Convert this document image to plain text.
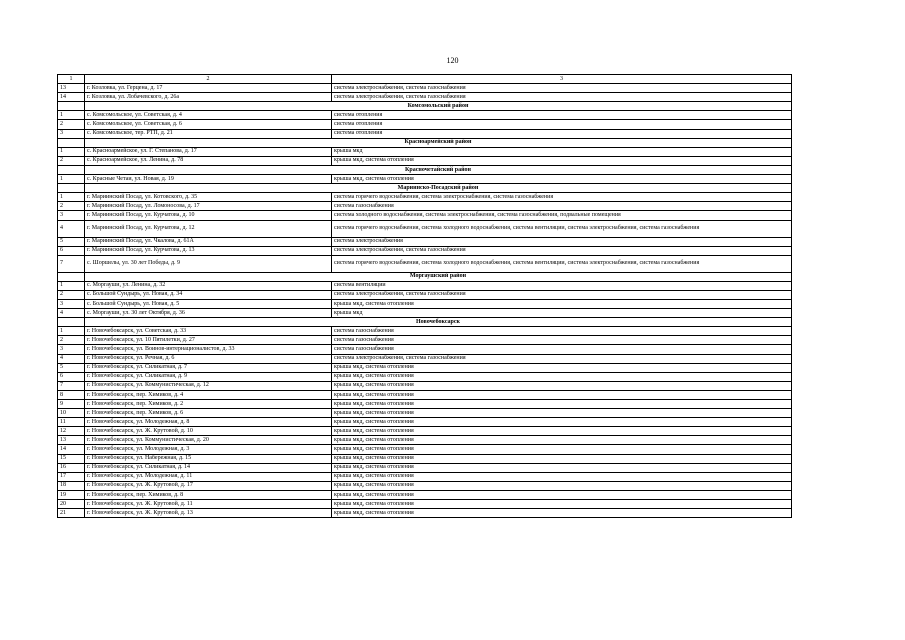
120
1	2	3
13	г. Козловка, ул. Герцена, д. 17	система электроснабжения, система газоснабжения
14	г. Козловка, ул. Лобачевского, д. 26а	система электроснабжения, система газоснабжения
	Комсомольский район	
1	с. Комсомольское, ул. Советская, д. 4	система отопления
2	с. Комсомольское, ул. Советская, д. 6	система отопления
3	с. Комсомольское, тер. РТП, д. 21	система отопления
	Красноармейский район	
1	с. Красноармейское, ул. Г. Степанова, д. 17	крыша мкд
2	с. Красноармейское, ул. Ленина, д. 78	крыша мкд, система отопления
	Красночетайский район	
1	с. Красные Четаи, ул. Новая, д. 19	крыша мкд, система отопления
	Мариинско-Посадский район	
1	г. Мариинский Посад, ул. Котовского, д. 35	система горячего водоснабжения, система электроснабжения, система газоснабжения
2	г. Мариинский Посад, ул. Ломоносова, д. 17	система газоснабжения
3	г. Мариинский Посад, ул. Курчатова, д. 10	система холодного водоснабжения, система электроснабжения, система газоснабжения, подвальные помещения
4	г. Мариинский Посад, ул. Курчатова, д. 12	система горячего водоснабжения, система холодного водоснабжения, система вентиляции, система электроснабжения, система газоснабжения
5	г. Мариинский Посад, ул. Чкалова, д. 61А	система электроснабжения
6	г. Мариинский Посад, ул. Курчатова, д. 13	система электроснабжения, система газоснабжения
7	с. Шоршелы, ул. 30 лет Победы, д. 9	система горячего водоснабжения, система холодного водоснабжения, система вентиляции, система электроснабжения, система газоснабжения
	Моргаушский район	
1	с. Моргауши, ул. Ленина, д. 32	система вентиляции
2	с. Большой Сундырь, ул. Новая, д. 34	система электроснабжения, система газоснабжения
3	с. Большой Сундырь, ул. Новая, д. 5	крыша мкд, система отопления
4	с. Моргауши, ул. 30 лет Октября, д. 36	крыша мкд
	Новочебоксарск	
1	г. Новочебоксарск, ул. Советская, д. 33	система газоснабжения
2	г. Новочебоксарск, ул. 10 Пятилетки, д. 27	система газоснабжения
3	г. Новочебоксарск, ул. Воинов-интернационалистов, д. 33	система газоснабжения
4	г. Новочебоксарск, ул. Речная, д. 6	система электроснабжения, система газоснабжения
5	г. Новочебоксарск, ул. Силикатная, д. 7	крыша мкд, система отопления
6	г. Новочебоксарск, ул. Силикатная, д. 9	крыша мкд, система отопления
7	г. Новочебоксарск, ул. Коммунистическая, д. 12	крыша мкд, система отопления
8	г. Новочебоксарск, пер. Химиков, д. 4	крыша мкд, система отопления
9	г. Новочебоксарск, пер. Химиков, д. 2	крыша мкд, система отопления
10	г. Новочебоксарск, пер. Химиков, д. 6	крыша мкд, система отопления
11	г. Новочебоксарск, ул. Молодежная, д. 8	крыша мкд, система отопления
12	г. Новочебоксарск, ул. Ж. Крутовой, д. 10	крыша мкд, система отопления
13	г. Новочебоксарск, ул. Коммунистическая, д. 20	крыша мкд, система отопления
14	г. Новочебоксарск, ул. Молодежная, д. 3	крыша мкд, система отопления
15	г. Новочебоксарск, ул. Набережная, д. 15	крыша мкд, система отопления
16	г. Новочебоксарск, ул. Силикатная, д. 14	крыша мкд, система отопления
17	г. Новочебоксарск, ул. Молодежная, д. 11	крыша мкд, система отопления
18	г. Новочебоксарск, ул. Ж. Крутовой, д. 17	крыша мкд, система отопления
19	г. Новочебоксарск, пер. Химиков, д. 8	крыша мкд, система отопления
20	г. Новочебоксарск, ул. Ж. Крутовой, д. 11	крыша мкд, система отопления
21	г. Новочебоксарск, ул. Ж. Крутовой, д. 13	крыша мкд, система отопления
